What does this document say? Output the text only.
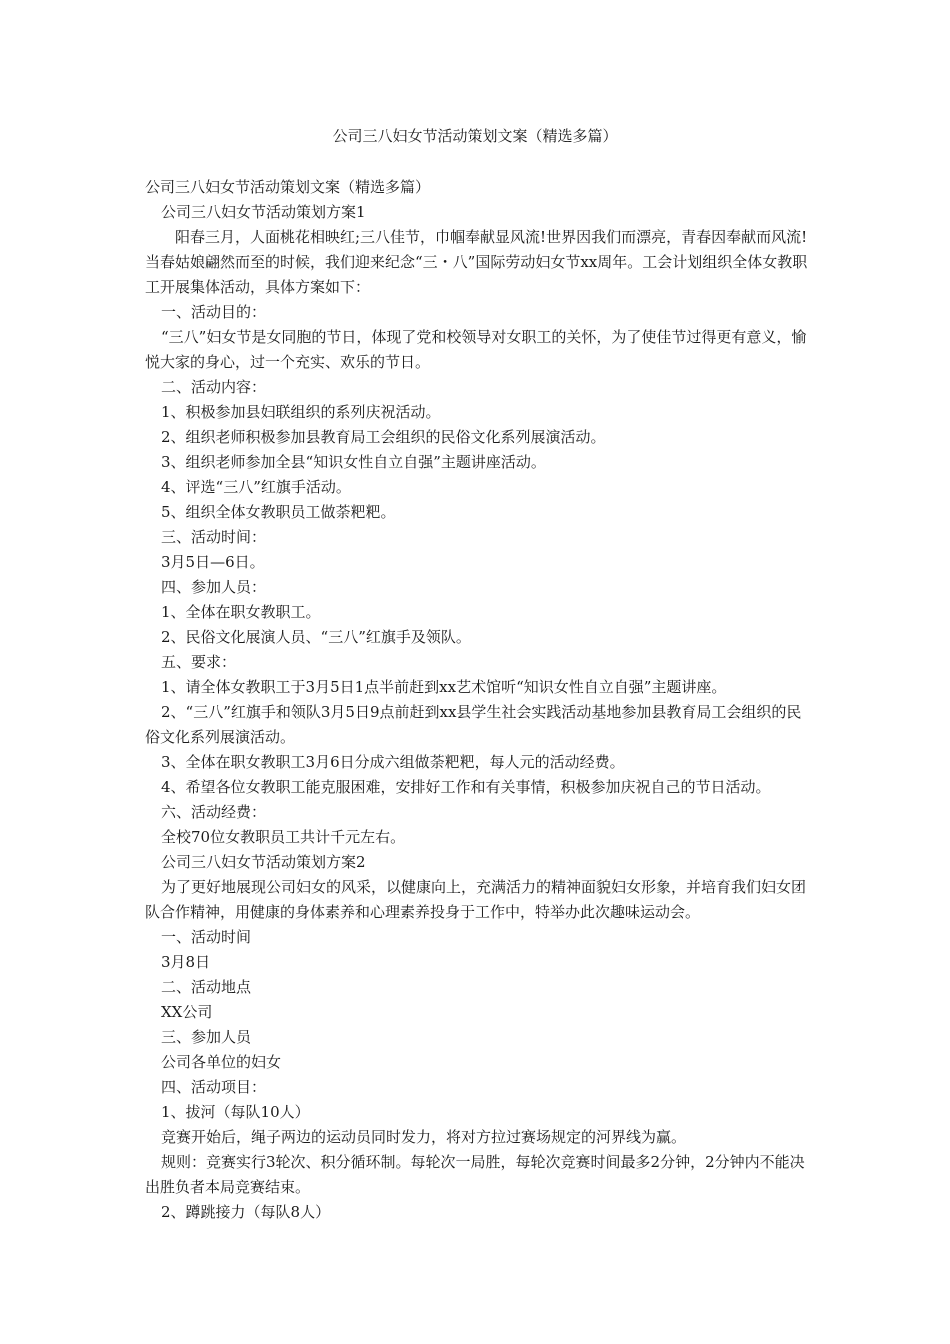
公司三八妇女节活动策划文案（精选多篇）

公司三八妇女节活动策划文案（精选多篇）

公司三八妇女节活动策划方案1

阳春三月，人面桃花相映红;三八佳节，巾帼奉献显风流!世界因我们而漂亮，青春因奉献而风流!当春姑娘翩然而至的时候，我们迎来纪念“三・八”国际劳动妇女节xx周年。工会计划组织全体女教职工开展集体活动，具体方案如下：

一、活动目的：

“三八”妇女节是女同胞的节日，体现了党和校领导对女职工的关怀，为了使佳节过得更有意义，愉悦大家的身心，过一个充实、欢乐的节日。

二、活动内容：

1、积极参加县妇联组织的系列庆祝活动。

2、组织老师积极参加县教育局工会组织的民俗文化系列展演活动。

3、组织老师参加全县“知识女性自立自强”主题讲座活动。

4、评选“三八”红旗手活动。

5、组织全体女教职员工做荼粑粑。

三、活动时间：

3月5日—6日。

四、参加人员：

1、全体在职女教职工。

2、民俗文化展演人员、“三八”红旗手及领队。

五、要求：

1、请全体女教职工于3月5日1点半前赶到xx艺术馆听“知识女性自立自强”主题讲座。

2、“三八”红旗手和领队3月5日9点前赶到xx县学生社会实践活动基地参加县教育局工会组织的民俗文化系列展演活动。

3、全体在职女教职工3月6日分成六组做荼粑粑，每人元的活动经费。

4、希望各位女教职工能克服困难，安排好工作和有关事情，积极参加庆祝自己的节日活动。

六、活动经费：

全校70位女教职员工共计千元左右。

公司三八妇女节活动策划方案2

为了更好地展现公司妇女的风采，以健康向上，充满活力的精神面貌妇女形象，并培育我们妇女团队合作精神，用健康的身体素养和心理素养投身于工作中，特举办此次趣味运动会。

一、活动时间

3月8日

二、活动地点

XX公司

三、参加人员

公司各单位的妇女

四、活动项目：

1、拔河（每队10人）

竞赛开始后，绳子两边的运动员同时发力，将对方拉过赛场规定的河界线为赢。

规则：竞赛实行3轮次、积分循环制。每轮次一局胜，每轮次竞赛时间最多2分钟，2分钟内不能决出胜负者本局竞赛结束。

2、蹲跳接力（每队8人）
